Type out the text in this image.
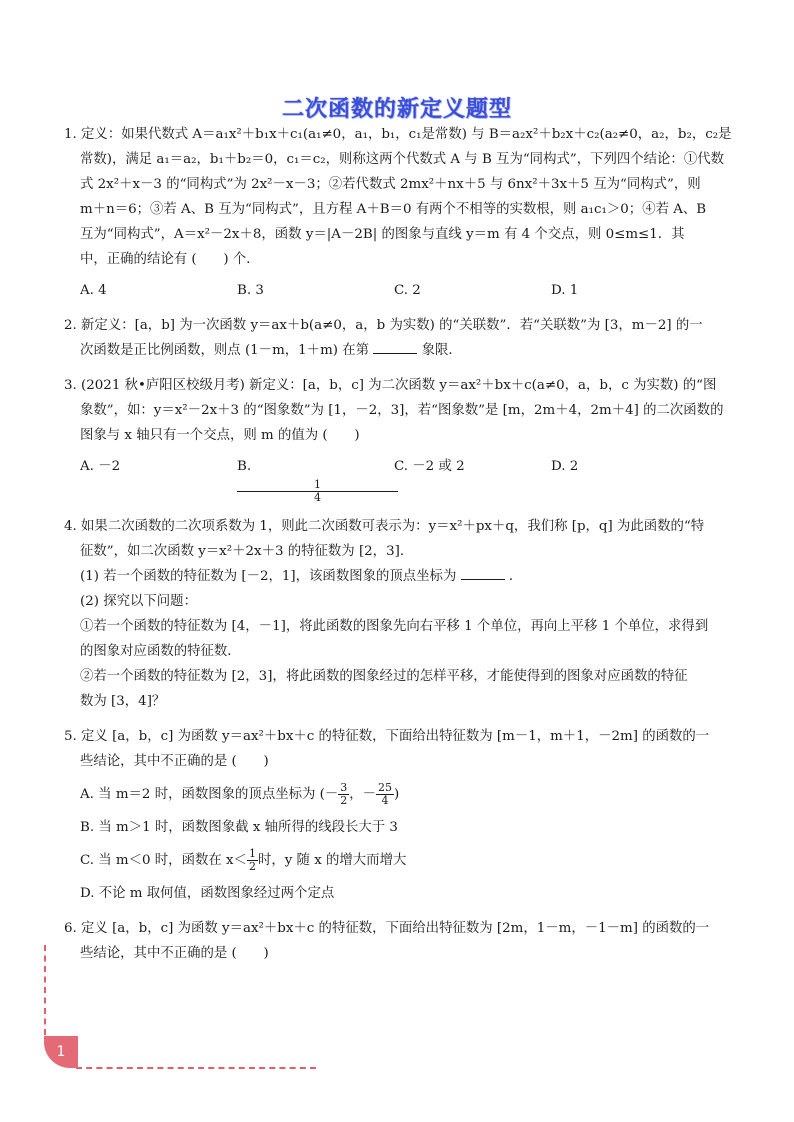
二次函数的新定义题型

1. 定义：如果代数式 A＝a₁x²＋b₁x＋c₁(a₁≠0，a₁，b₁，c₁是常数) 与 B＝a₂x²＋b₂x＋c₂(a₂≠0，a₂，b₂，c₂是

常数)，满足 a₁＝a₂，b₁＋b₂＝0，c₁＝c₂，则称这两个代数式 A 与 B 互为“同构式”，下列四个结论：①代数

式 2x²＋x－3 的“同构式”为 2x²－x－3；②若代数式 2mx²＋nx＋5 与 6nx²＋3x＋5 互为“同构式”，则

m＋n＝6；③若 A、B 互为“同构式”，且方程 A＋B＝0 有两个不相等的实数根，则 a₁c₁＞0；④若 A、B

互为“同构式”，A＝x²－2x＋8，函数 y＝|A－2B| 的图象与直线 y＝m 有 4 个交点，则 0≤m≤1．其

中，正确的结论有 (　　) 个．

A. 4	B. 3	C. 2	D. 1

2. 新定义：[a，b] 为一次函数 y＝ax＋b(a≠0，a，b 为实数) 的“关联数”．若“关联数”为 [3，m－2] 的一

次函数是正比例函数，则点 (1－m，1＋m) 在第	象限．

3. (2021 秋•庐阳区校级月考) 新定义：[a，b，c] 为二次函数 y＝ax²＋bx＋c(a≠0，a，b，c 为实数) 的“图

象数”，如：y＝x²－2x＋3 的“图象数”为 [1，－2，3]，若“图象数”是 [m，2m＋4，2m＋4] 的二次函数的

图象与 x 轴只有一个交点，则 m 的值为 (　　)

A. －2	B.
$\frac{1}{4}$
C. －2 或 2	D. 2

4. 如果二次函数的二次项系数为 1，则此二次函数可表示为：y＝x²＋px＋q，我们称 [p，q] 为此函数的“特

征数”，如二次函数 y＝x²＋2x＋3 的特征数为 [2，3]．

(1) 若一个函数的特征数为 [－2，1]，该函数图象的顶点坐标为	．

(2) 探究以下问题：

①若一个函数的特征数为 [4，－1]，将此函数的图象先向右平移 1 个单位，再向上平移 1 个单位，求得到

的图象对应函数的特征数．

②若一个函数的特征数为 [2，3]，将此函数的图象经过的怎样平移，才能使得到的图象对应函数的特征

数为 [3，4]？

5. 定义 [a，b，c] 为函数 y＝ax²＋bx＋c 的特征数，下面给出特征数为 [m－1，m＋1，－2m] 的函数的一

些结论，其中不正确的是 (　　)

A. 当 m＝2 时，函数图象的顶点坐标为 (－ $\frac{3}{2}$ ，－ $\frac{25}{4}$ )

B. 当 m＞1 时，函数图象截 x 轴所得的线段长大于 3

C. 当 m＜0 时，函数在 $x< \frac{1}{2}$ 时，y 随 x 的增大而增大

D. 不论 m 取何值，函数图象经过两个定点

6. 定义 [a，b，c] 为函数 y＝ax²＋bx＋c 的特征数，下面给出特征数为 [2m，1－m，－1－m] 的函数的一

些结论，其中不正确的是 (　　)

1
